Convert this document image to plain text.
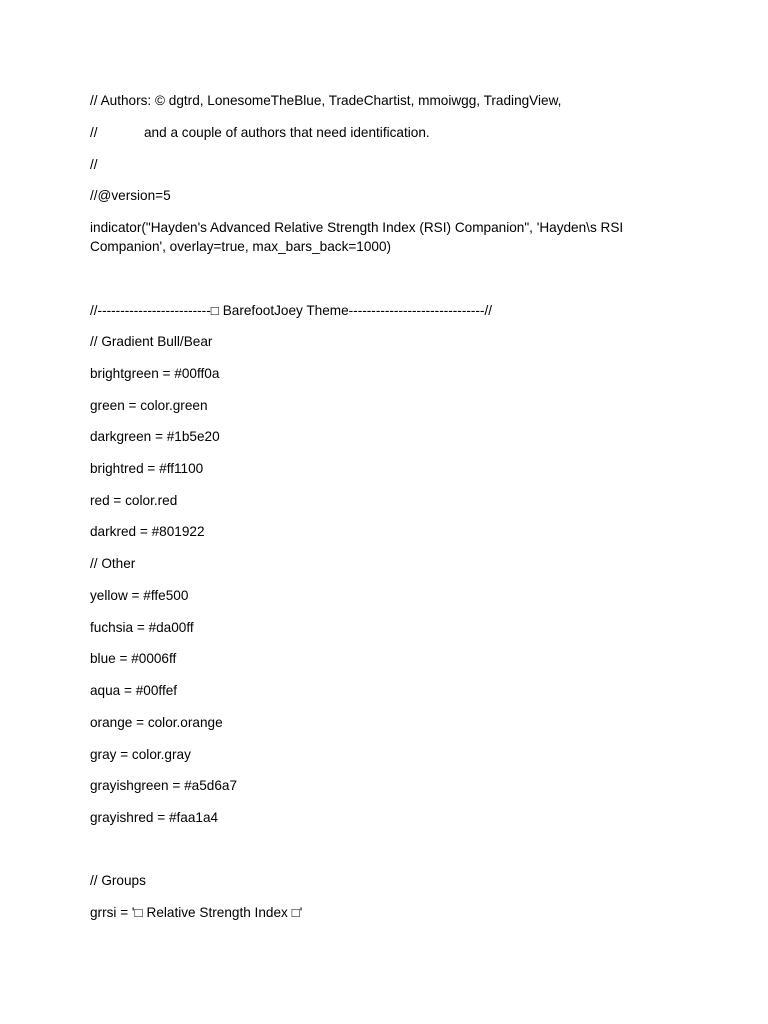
// Authors: © dgtrd, LonesomeTheBlue, TradeChartist, mmoiwgg, TradingView,
//	and a couple of authors that need identification.
//
//@version=5
indicator("Hayden's Advanced Relative Strength Index (RSI) Companion", 'Hayden\s RSI Companion', overlay=true, max_bars_back=1000)
//-------------------------□ BarefootJoey Theme------------------------------//
// Gradient Bull/Bear
brightgreen = #00ff0a
green = color.green
darkgreen = #1b5e20
brightred = #ff1100
red = color.red
darkred = #801922
// Other
yellow = #ffe500
fuchsia = #da00ff
blue = #0006ff
aqua = #00ffef
orange = color.orange
gray = color.gray
grayishgreen = #a5d6a7
grayishred = #faa1a4
// Groups
grrsi = '□ Relative Strength Index □'
